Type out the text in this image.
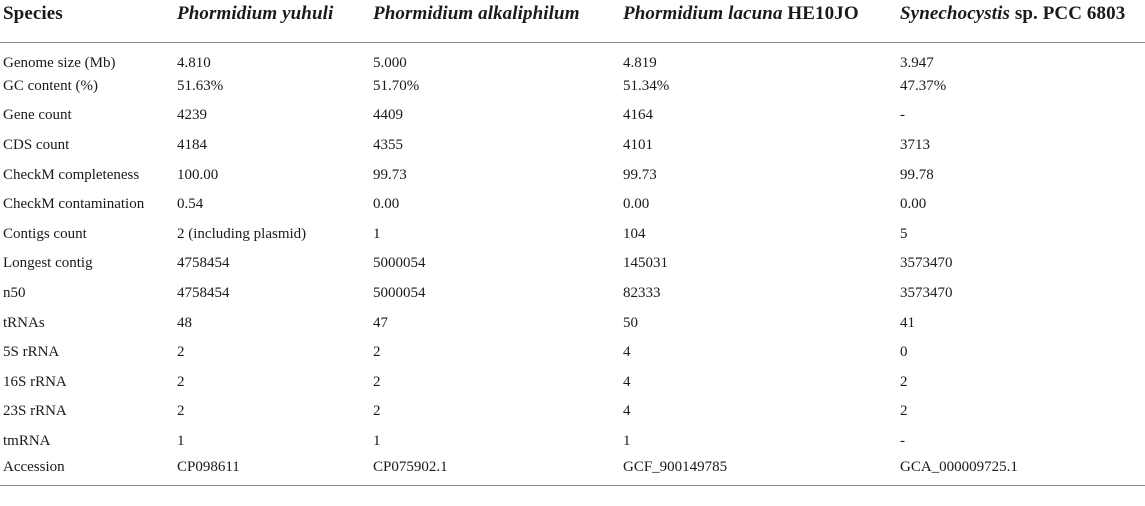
Species	Phormidium yuhuli	Phormidium alkaliphilum	Phormidium lacuna HE10JO	Synechocystis sp. PCC 6803
Genome size (Mb)	4.810	5.000	4.819	3.947
GC content (%)	51.63%	51.70%	51.34%	47.37%
Gene count	4239	4409	4164	-
CDS count	4184	4355	4101	3713
CheckM completeness	100.00	99.73	99.73	99.78
CheckM contamination	0.54	0.00	0.00	0.00
Contigs count	2 (including plasmid)	1	104	5
Longest contig	4758454	5000054	145031	3573470
n50	4758454	5000054	82333	3573470
tRNAs	48	47	50	41
5S rRNA	2	2	4	0
16S rRNA	2	2	4	2
23S rRNA	2	2	4	2
tmRNA	1	1	1	-
Accession	CP098611	CP075902.1	GCF_900149785	GCA_000009725.1
